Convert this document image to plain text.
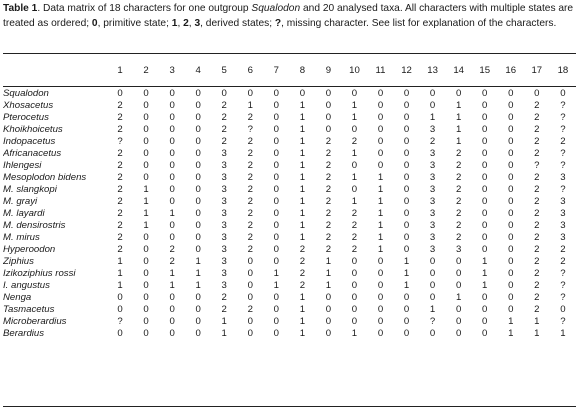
Table 1. Data matrix of 18 characters for one outgroup Squalodon and 20 analysed taxa. All characters with multiple states are treated as ordered; 0, primitive state; 1, 2, 3, derived states; ?, missing character. See list for explanation of the characters.
	1	2	3	4	5	6	7	8	9	10	11	12	13	14	15	16	17	18

Squalodon	0	0	0	0	0	0	0	0	0	0	0	0	0	0	0	0	0	0
Xhosacetus	2	0	0	0	2	1	0	1	0	1	0	0	0	1	0	0	2	?
Pterocetus	2	0	0	0	2	2	0	1	0	1	0	0	1	1	0	0	2	?
Khoikhoicetus	2	0	0	0	2	?	0	1	0	0	0	0	3	1	0	0	2	?
Indopacetus	?	0	0	0	2	2	0	1	2	2	0	0	2	1	0	0	2	2
Africanacetus	2	0	0	0	3	2	0	1	2	1	0	0	3	2	0	0	2	?
Ihlengesi	2	0	0	0	3	2	0	1	2	0	0	0	3	2	0	0	?	?
Mesoplodon bidens	2	0	0	0	3	2	0	1	2	1	1	0	3	2	0	0	2	3
M. slangkopi	2	1	0	0	3	2	0	1	2	0	1	0	3	2	0	0	2	?
M. grayi	2	1	0	0	3	2	0	1	2	1	1	0	3	2	0	0	2	3
M. layardi	2	1	1	0	3	2	0	1	2	2	1	0	3	2	0	0	2	3
M. densirostris	2	1	0	0	3	2	0	1	2	2	1	0	3	2	0	0	2	3
M. mirus	2	0	0	0	3	2	0	1	2	2	1	0	3	2	0	0	2	3
Hyperoodon	2	0	2	0	3	2	0	2	2	2	1	0	3	3	0	0	2	2
Ziphius	1	0	2	1	3	0	0	2	1	0	0	1	0	0	1	0	2	2
Izikoziphius rossi	1	0	1	1	3	0	1	2	1	0	0	1	0	0	1	0	2	?
I. angustus	1	0	1	1	3	0	1	2	1	0	0	1	0	0	1	0	2	?
Nenga	0	0	0	0	2	0	0	1	0	0	0	0	0	1	0	0	2	?
Tasmacetus	0	0	0	0	2	2	0	1	0	0	0	0	1	0	0	0	2	0
Microberardius	?	0	0	0	1	0	0	1	0	0	0	0	?	0	0	1	1	?
Berardius	0	0	0	0	1	0	0	1	0	1	0	0	0	0	0	1	1	1
